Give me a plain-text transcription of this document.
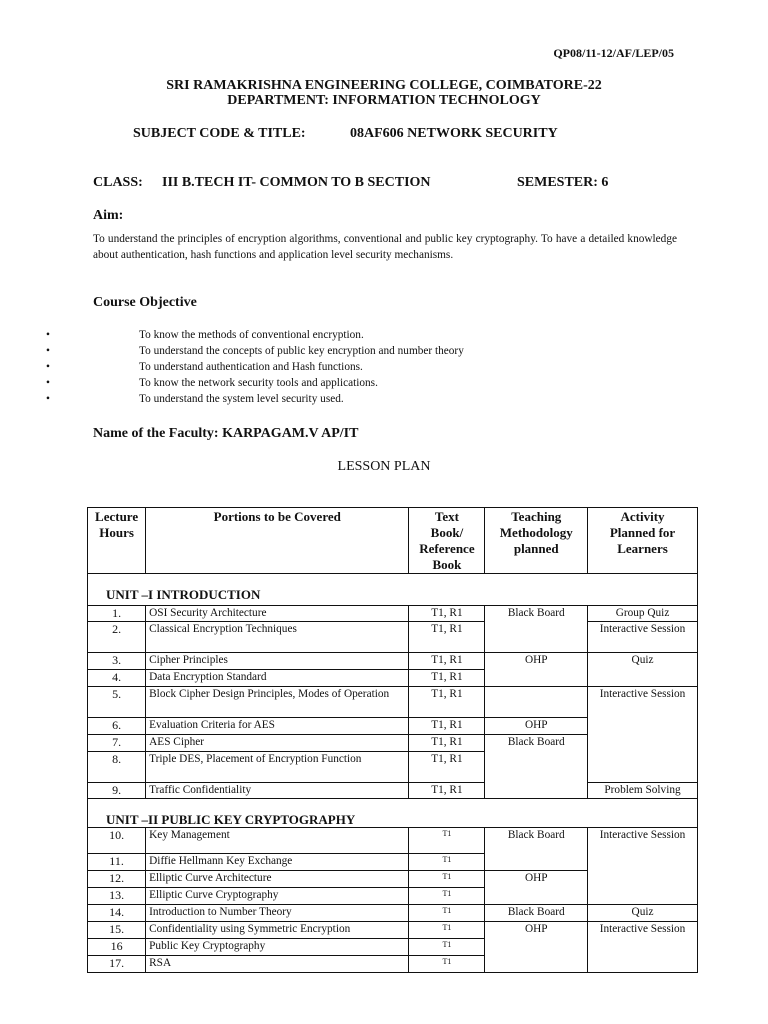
QP08/11-12/AF/LEP/05
SRI RAMAKRISHNA ENGINEERING COLLEGE, COIMBATORE-22
DEPARTMENT: INFORMATION TECHNOLOGY
SUBJECT CODE & TITLE:	08AF606 NETWORK SECURITY
CLASS: III B.TECH IT- COMMON TO B SECTION	SEMESTER: 6
Aim:
To understand the principles of encryption algorithms, conventional and public key cryptography. To have a detailed knowledge about authentication, hash functions and application level security mechanisms.
Course Objective
•	To know the methods of conventional encryption.
•	To understand the concepts of public key encryption and number theory
•	To understand authentication and Hash functions.
•	To know the network security tools and applications.
•	To understand the system level security used.
Name of the Faculty: KARPAGAM.V AP/IT
LESSON PLAN
Lecture
Hours	Portions to be Covered	Text
Book/
Reference
Book	Teaching
Methodology
planned	Activity
Planned for
Learners
UNIT –I INTRODUCTION				
1.	OSI Security Architecture	T1, R1	Black Board	Group Quiz
2.	Classical Encryption Techniques	T1, R1		Interactive Session
3.	Cipher Principles	T1, R1	OHP	Quiz
4.	Data Encryption Standard	T1, R1		
5.	Block Cipher Design Principles, Modes of Operation	T1, R1		Interactive Session
6.	Evaluation Criteria for AES	T1, R1	OHP	
7.	AES Cipher	T1, R1	Black Board	
8.	Triple DES, Placement of Encryption Function	T1, R1		
9.	Traffic Confidentiality	T1, R1		Problem Solving
UNIT –II PUBLIC KEY CRYPTOGRAPHY				
10.	Key Management	T1	Black Board	Interactive Session
11.	Diffie Hellmann Key Exchange	T1		
12.	Elliptic Curve Architecture	T1	OHP	
13.	Elliptic Curve Cryptography	T1		
14.	Introduction to Number Theory	T1	Black Board	Quiz
15.	Confidentiality using Symmetric Encryption	T1	OHP	Interactive Session
16	Public Key Cryptography	T1		
17.	RSA	T1		
